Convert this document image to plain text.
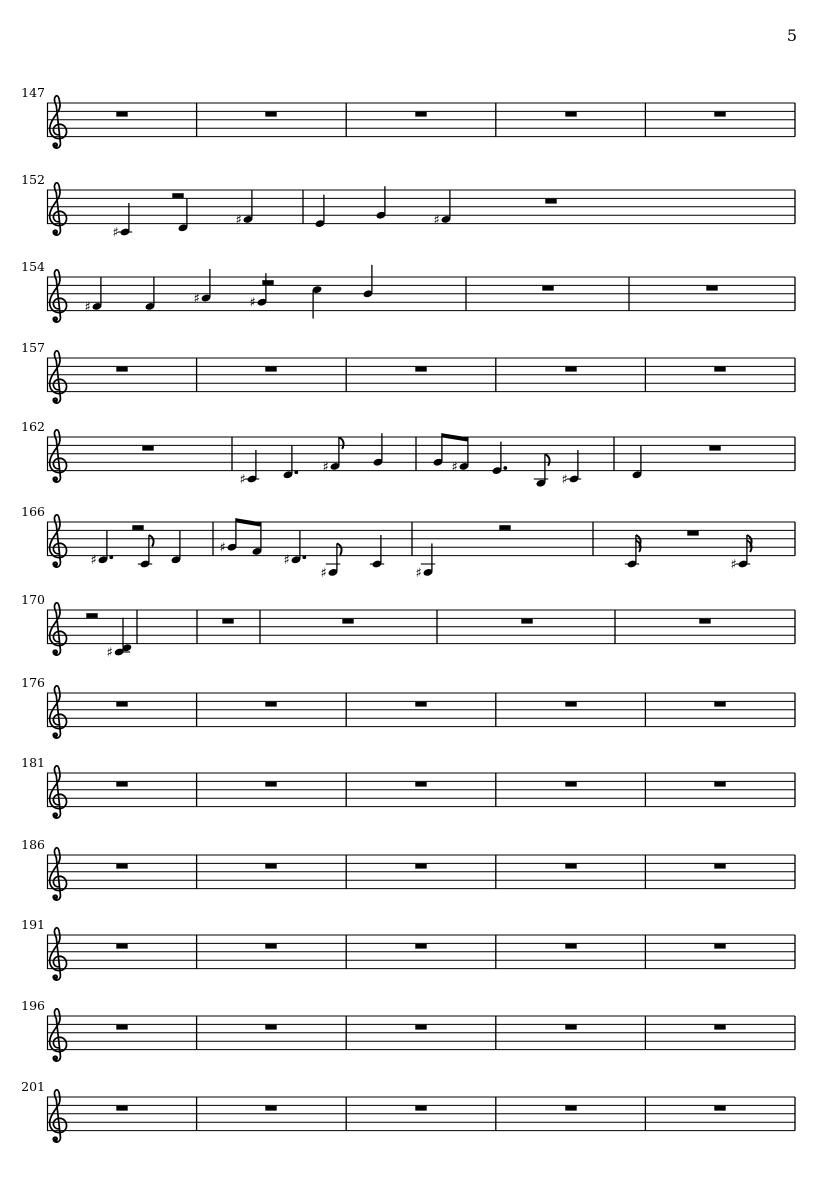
5
147
152
♯
♯	♯
154
♯
♯	♯
157
162
♯
♯	♯
♯
166
♯
♯
♯
♯	♯
♯
170
♯
176
181
186
191
196
201
